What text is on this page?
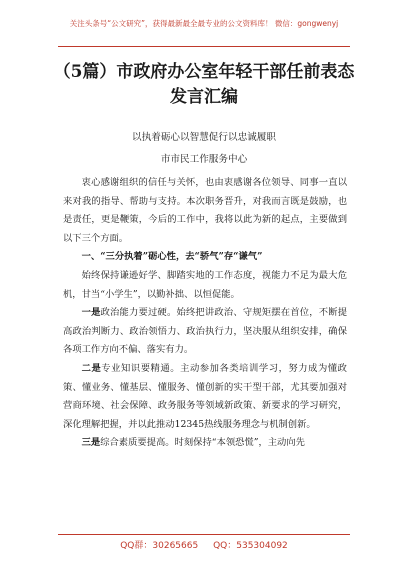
关注头条号“公文研究”，获得最新最全最专业的公文资料库！ 微信：gongwenyj
（5篇）市政府办公室年轻干部任前表态
发言汇编
以执着砺心以智慧促行以忠诚履职
市市民工作服务中心

衷心感谢组织的信任与关怀，也由衷感谢各位领导、同事一直以来对我的指导、帮助与支持。本次职务晋升，对我而言既是鼓励，也是责任，更是鞭策，今后的工作中，我将以此为新的起点，主要做到以下三个方面。

一、“三分执着”砺心性，去“骄气”存“谦气”

始终保持谦逊好学、脚踏实地的工作态度，视能力不足为最大危机，甘当“小学生”，以勤补拙、以恒促能。

一是政治能力要过硬。始终把讲政治、守规矩摆在首位，不断提高政治判断力、政治领悟力、政治执行力，坚决服从组织安排，确保各项工作方向不偏、落实有力。

二是专业知识要精通。主动参加各类培训学习，努力成为懂政策、懂业务、懂基层、懂服务、懂创新的实干型干部，尤其要加强对营商环境、社会保障、政务服务等领域新政策、新要求的学习研究，深化理解把握，并以此推动12345热线服务理念与机制创新。

三是综合素质要提高。时刻保持“本领恐慌”，主动向先

QQ群：30265665 QQ：535304092
